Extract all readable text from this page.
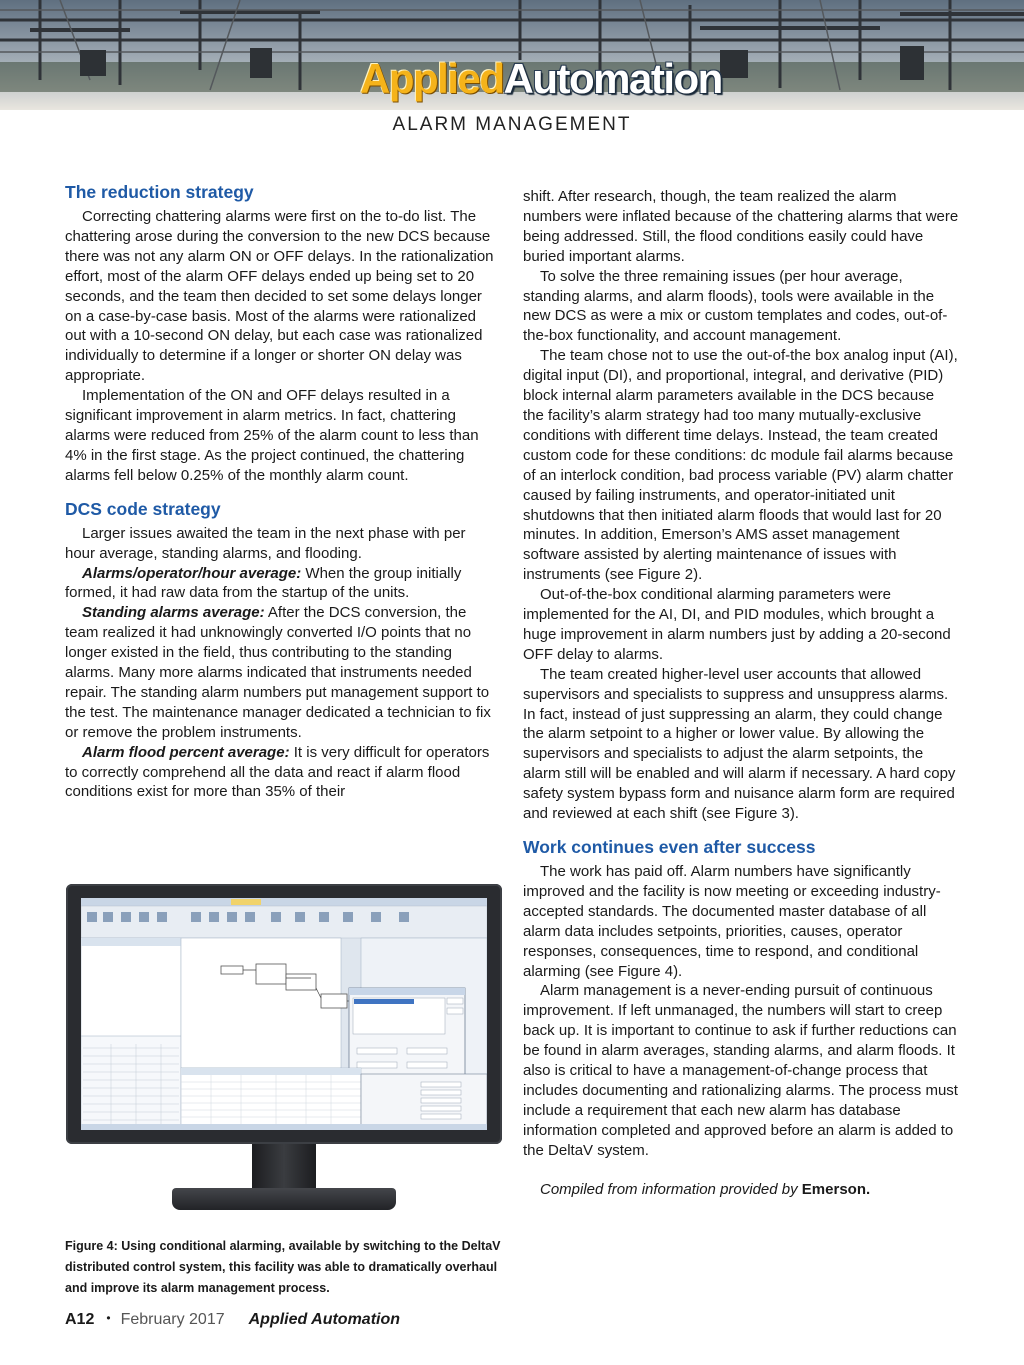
AppliedAutomation
ALARM MANAGEMENT
The reduction strategy

Correcting chattering alarms were first on the to-do list. The chattering arose during the conversion to the new DCS because there was not any alarm ON or OFF delays. In the rationalization effort, most of the alarm OFF delays ended up being set to 20 seconds, and the team then decided to set some delays longer on a case-by-case basis. Most of the alarms were rationalized out with a 10-second ON delay, but each case was rationalized individually to determine if a longer or shorter ON delay was appropriate.

Implementation of the ON and OFF delays resulted in a significant improvement in alarm metrics. In fact, chattering alarms were reduced from 25% of the alarm count to less than 4% in the first stage. As the project continued, the chattering alarms fell below 0.25% of the monthly alarm count.

DCS code strategy

Larger issues awaited the team in the next phase with per hour average, standing alarms, and flooding.

Alarms/operator/hour average: When the group initially formed, it had raw data from the startup of the units.

Standing alarms average: After the DCS conversion, the team realized it had unknowingly converted I/O points that no longer existed in the field, thus contributing to the standing alarms. Many more alarms indicated that instruments needed repair. The standing alarm numbers put management support to the test. The maintenance manager dedicated a technician to fix or remove the problem instruments.

Alarm flood percent average: It is very difficult for operators to correctly comprehend all the data and react if alarm flood conditions exist for more than 35% of their

Figure 4: Using conditional alarming, available by switching to the DeltaV distributed control system, this facility was able to dramatically overhaul and improve its alarm management process.

shift. After research, though, the team realized the alarm numbers were inflated because of the chattering alarms that were being addressed. Still, the flood conditions easily could have buried important alarms.

To solve the three remaining issues (per hour average, standing alarms, and alarm floods), tools were available in the new DCS as were a mix or custom templates and codes, out-of-the-box functionality, and account management.

The team chose not to use the out-of-the box analog input (AI), digital input (DI), and proportional, integral, and derivative (PID) block internal alarm parameters available in the DCS because the facility’s alarm strategy had too many mutually-exclusive conditions with different time delays. Instead, the team created custom code for these conditions: dc module fail alarms because of an interlock condition, bad process variable (PV) alarm chatter caused by failing instruments, and operator-initiated unit shutdowns that then initiated alarm floods that would last for 20 minutes. In addition, Emerson’s AMS asset management software assisted by alerting maintenance of issues with instruments (see Figure 2).

Out-of-the-box conditional alarming parameters were implemented for the AI, DI, and PID modules, which brought a huge improvement in alarm numbers just by adding a 20-second OFF delay to alarms.

The team created higher-level user accounts that allowed supervisors and specialists to suppress and unsuppress alarms. In fact, instead of just suppressing an alarm, they could change the alarm setpoint to a higher or lower value. By allowing the supervisors and specialists to adjust the alarm setpoints, the alarm still will be enabled and will alarm if necessary. A hard copy safety system bypass form and nuisance alarm form are required and reviewed at each shift (see Figure 3).

Work continues even after success

The work has paid off. Alarm numbers have significantly improved and the facility is now meeting or exceeding industry-accepted standards. The documented master database of all alarm data includes setpoints, priorities, causes, operator responses, consequences, time to respond, and conditional alarming (see Figure 4).

Alarm management is a never-ending pursuit of continuous improvement. If left unmanaged, the numbers will start to creep back up. It is important to continue to ask if further reductions can be found in alarm averages, standing alarms, and alarm floods. It also is critical to have a management-of-change process that includes documenting and rationalizing alarms. The process must include a requirement that each new alarm has database information completed and approved before an alarm is added to the DeltaV system.

Compiled from information provided by Emerson.

A12 • February 2017 Applied Automation
